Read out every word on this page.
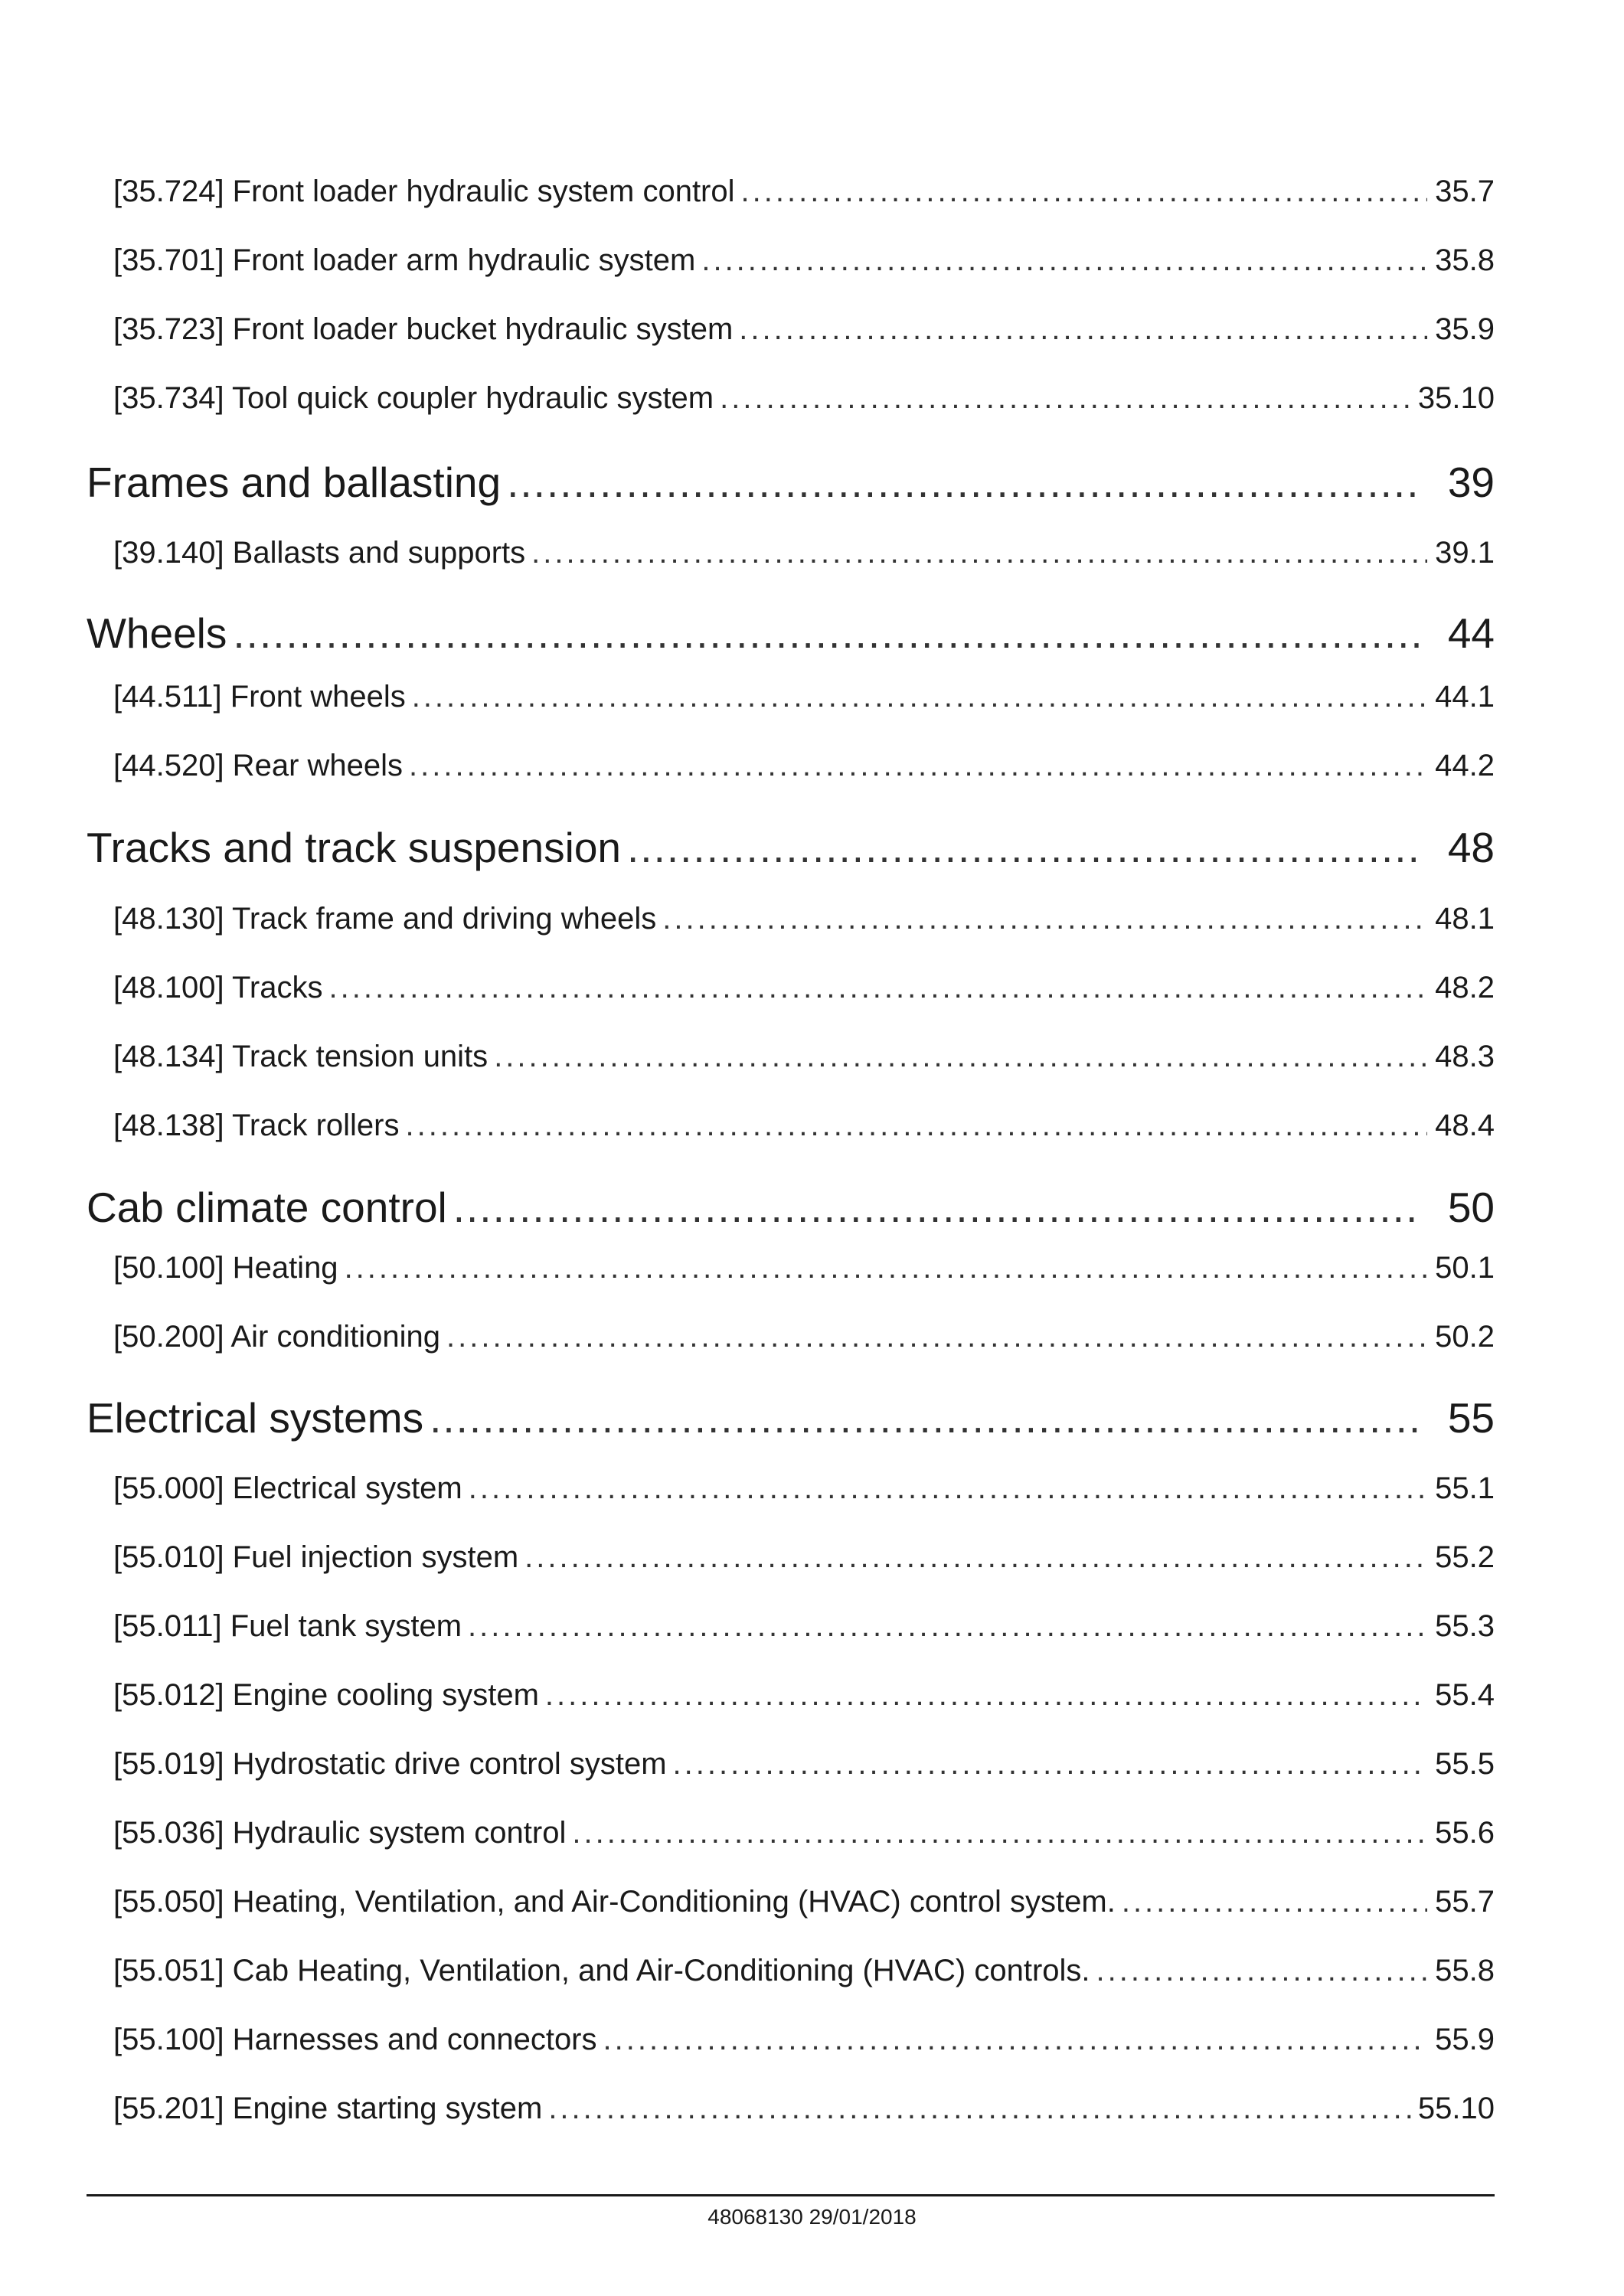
[35.724] Front loader hydraulic system control .....	35.7
[35.701] Front loader arm hydraulic system .....	35.8
[35.723] Front loader bucket hydraulic system .....	35.9
[35.734] Tool quick coupler hydraulic system .....	35.10
Frames and ballasting .....	39
[39.140] Ballasts and supports .....	39.1
Wheels .....	44
[44.511] Front wheels .....	44.1
[44.520] Rear wheels .....	44.2
Tracks and track suspension .....	48
[48.130] Track frame and driving wheels .....	48.1
[48.100] Tracks .....	48.2
[48.134] Track tension units .....	48.3
[48.138] Track rollers .....	48.4
Cab climate control .....	50
[50.100] Heating .....	50.1
[50.200] Air conditioning .....	50.2
Electrical systems .....	55
[55.000] Electrical system .....	55.1
[55.010] Fuel injection system .....	55.2
[55.011] Fuel tank system .....	55.3
[55.012] Engine cooling system .....	55.4
[55.019] Hydrostatic drive control system .....	55.5
[55.036] Hydraulic system control .....	55.6
[55.050] Heating, Ventilation, and Air-Conditioning (HVAC) control system. .....	55.7
[55.051] Cab Heating, Ventilation, and Air-Conditioning (HVAC) controls. .....	55.8
[55.100] Harnesses and connectors .....	55.9
[55.201] Engine starting system .....	55.10
48068130 29/01/2018
